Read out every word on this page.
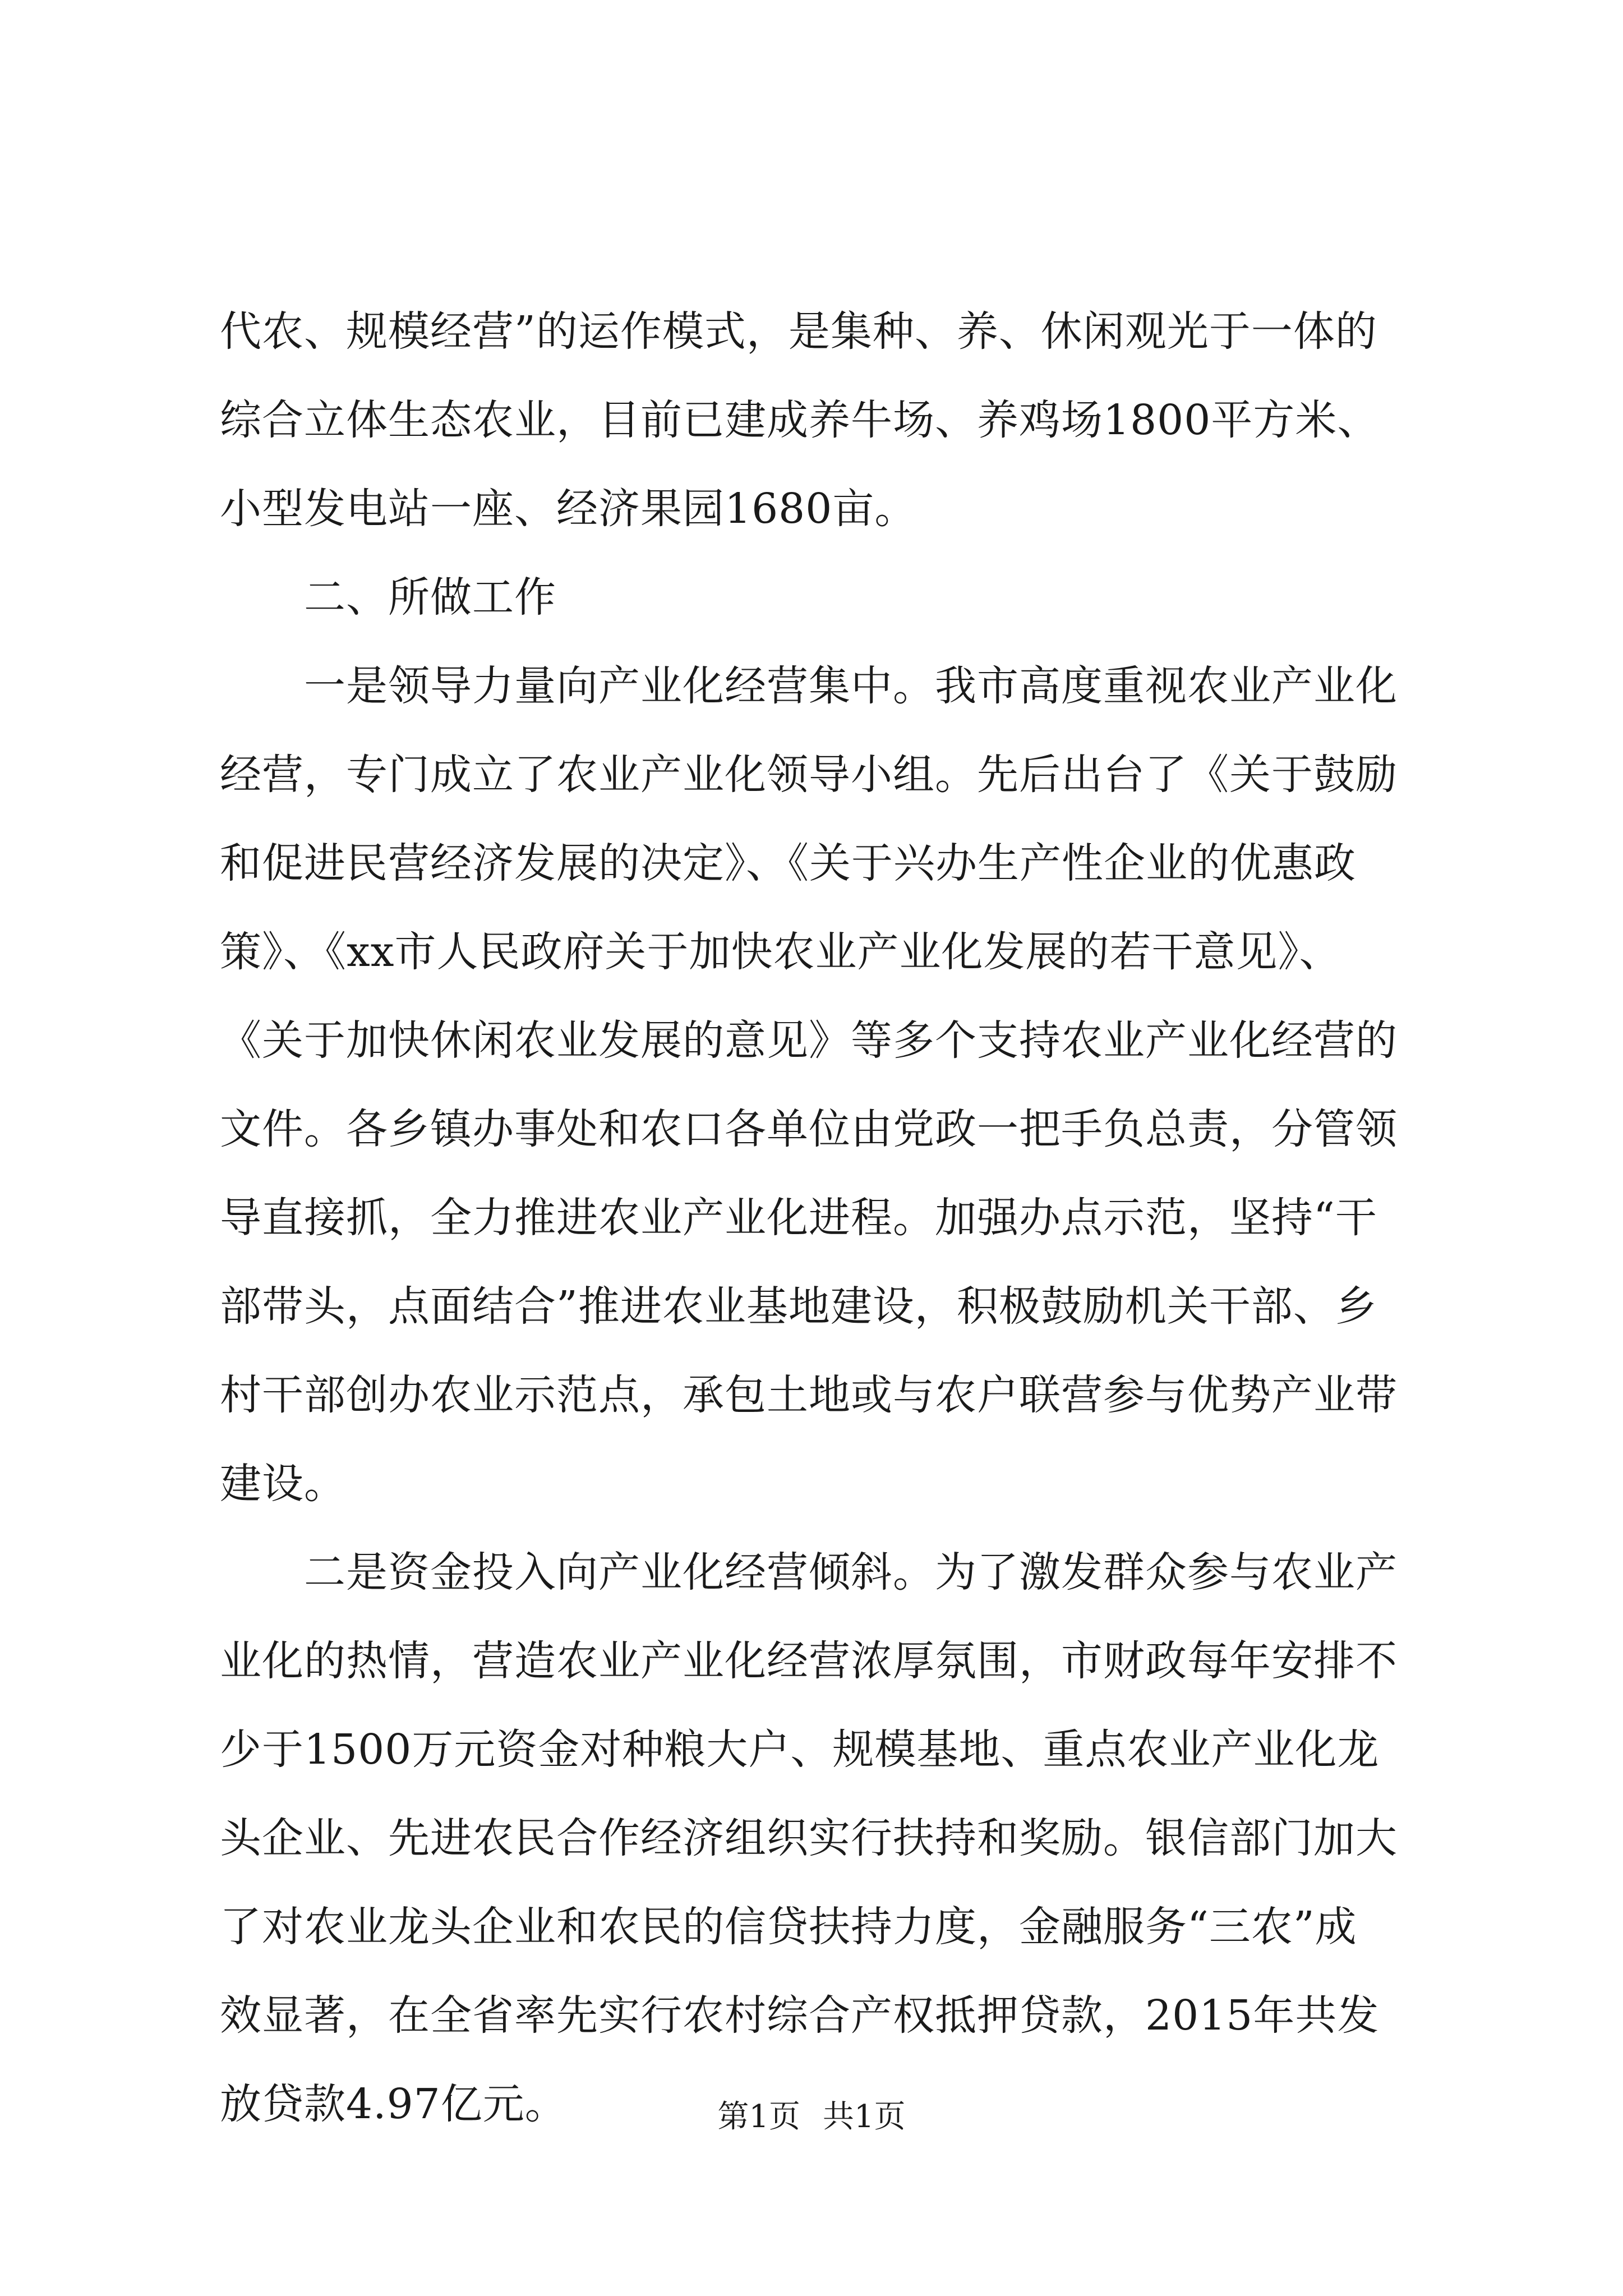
代农、规模经营”的运作模式，是集种、养、休闲观光于一体的
综合立体生态农业，目前已建成养牛场、养鸡场1800平方米、
小型发电站一座、经济果园1680亩。
二、所做工作
一是领导力量向产业化经营集中。我市高度重视农业产业化
经营，专门成立了农业产业化领导小组。先后出台了《关于鼓励
和促进民营经济发展的决定》、《关于兴办生产性企业的优惠政
策》、《xx市人民政府关于加快农业产业化发展的若干意见》、
《关于加快休闲农业发展的意见》等多个支持农业产业化经营的
文件。各乡镇办事处和农口各单位由党政一把手负总责，分管领
导直接抓，全力推进农业产业化进程。加强办点示范，坚持“干
部带头，点面结合”推进农业基地建设，积极鼓励机关干部、乡
村干部创办农业示范点，承包土地或与农户联营参与优势产业带
建设。
二是资金投入向产业化经营倾斜。为了激发群众参与农业产
业化的热情，营造农业产业化经营浓厚氛围，市财政每年安排不
少于1500万元资金对种粮大户、规模基地、重点农业产业化龙
头企业、先进农民合作经济组织实行扶持和奖励。银信部门加大
了对农业龙头企业和农民的信贷扶持力度，金融服务“三农”成
效显著，在全省率先实行农村综合产权抵押贷款，2015年共发
放贷款4.97亿元。	第1页 共1页
